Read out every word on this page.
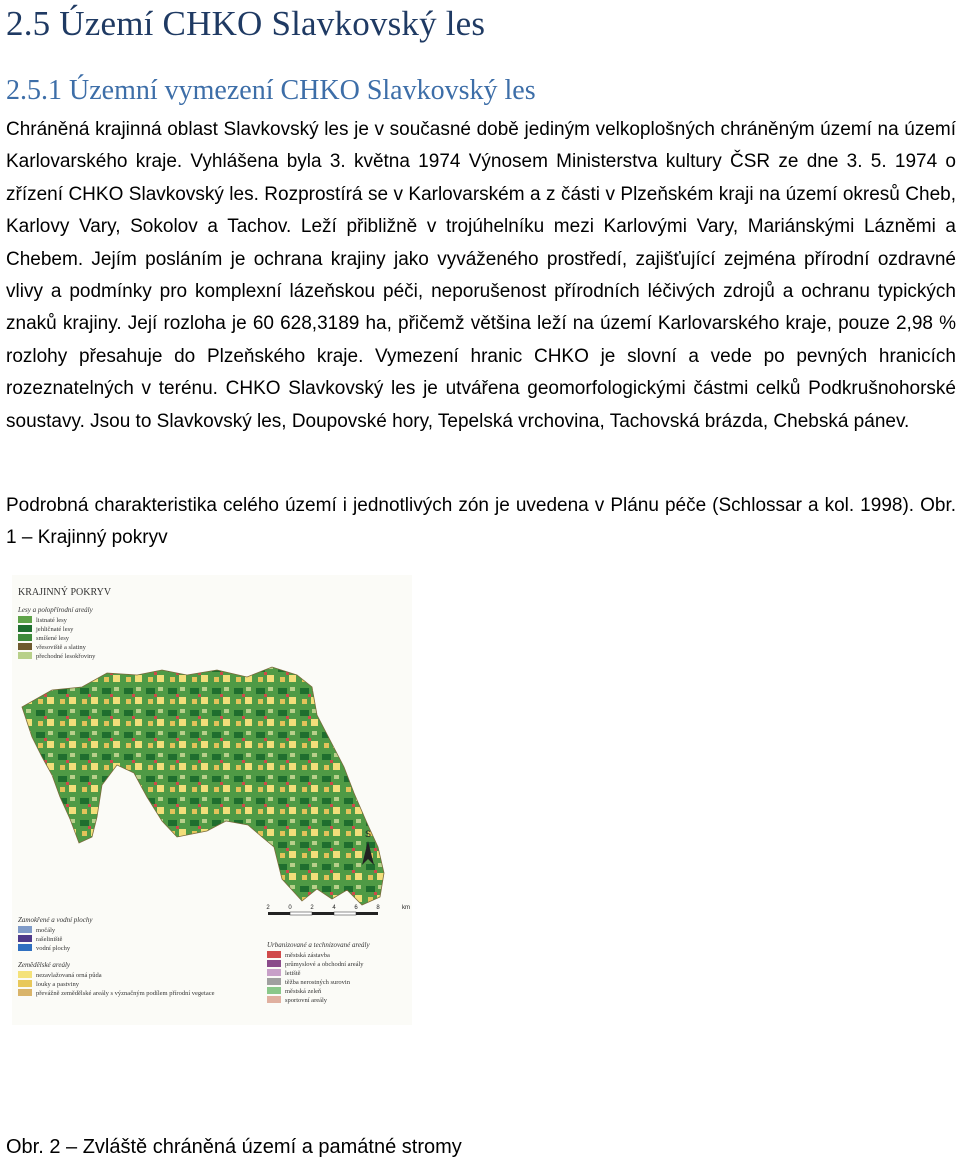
2.5 Území CHKO Slavkovský les
2.5.1 Územní vymezení CHKO Slavkovský les

Chráněná krajinná oblast Slavkovský les je v současné době jediným velkoplošných chráněným území na území Karlovarského kraje. Vyhlášena byla 3. května 1974 Výnosem Ministerstva kultury ČSR ze dne 3. 5. 1974 o zřízení CHKO Slavkovský les. Rozprostírá se v Karlovarském a z části v Plzeňském kraji na území okresů Cheb, Karlovy Vary, Sokolov a Tachov. Leží přibližně v trojúhelníku mezi Karlovými Vary, Mariánskými Lázněmi a Chebem. Jejím posláním je ochrana krajiny jako vyváženého prostředí, zajišťující zejména přírodní ozdravné vlivy a podmínky pro komplexní lázeňskou péči, neporušenost přírodních léčivých zdrojů a ochranu typických znaků krajiny. Její rozloha je 60 628,3189 ha, přičemž většina leží na území Karlovarského kraje, pouze 2,98 % rozlohy přesahuje do Plzeňského kraje. Vymezení hranic CHKO je slovní a vede po pevných hranicích rozeznatelných v terénu. CHKO Slavkovský les je utvářena geomorfologickými částmi celků Podkrušnohorské soustavy. Jsou to Slavkovský les, Doupovské hory, Tepelská vrchovina, Tachovská brázda, Chebská pánev.

Podrobná charakteristika celého území i jednotlivých zón je uvedena v Plánu péče (Schlossar a kol. 1998). Obr. 1 – Krajinný pokryv

KRAJINNÝ POKRYV
Lesy a polopřírodní areály
listnaté lesy
jehličnaté lesy
smíšené lesy
vřesoviště a slatiny
přechodné lesokřoviny
S
2	0	2	4	6	8	km
Zamokřené a vodní plochy
močály
rašeliniště
vodní plochy
Zemědělské areály
nezavlažovaná orná půda
louky a pastviny
převážně zemědělské areály s význačným podílem přírodní vegetace
Urbanizované a technizované areály
městská zástavba
průmyslové a obchodní areály
letiště
těžba nerostných surovin
městská zeleň
sportovní areály

Obr. 2 – Zvláště chráněná území a památné stromy
